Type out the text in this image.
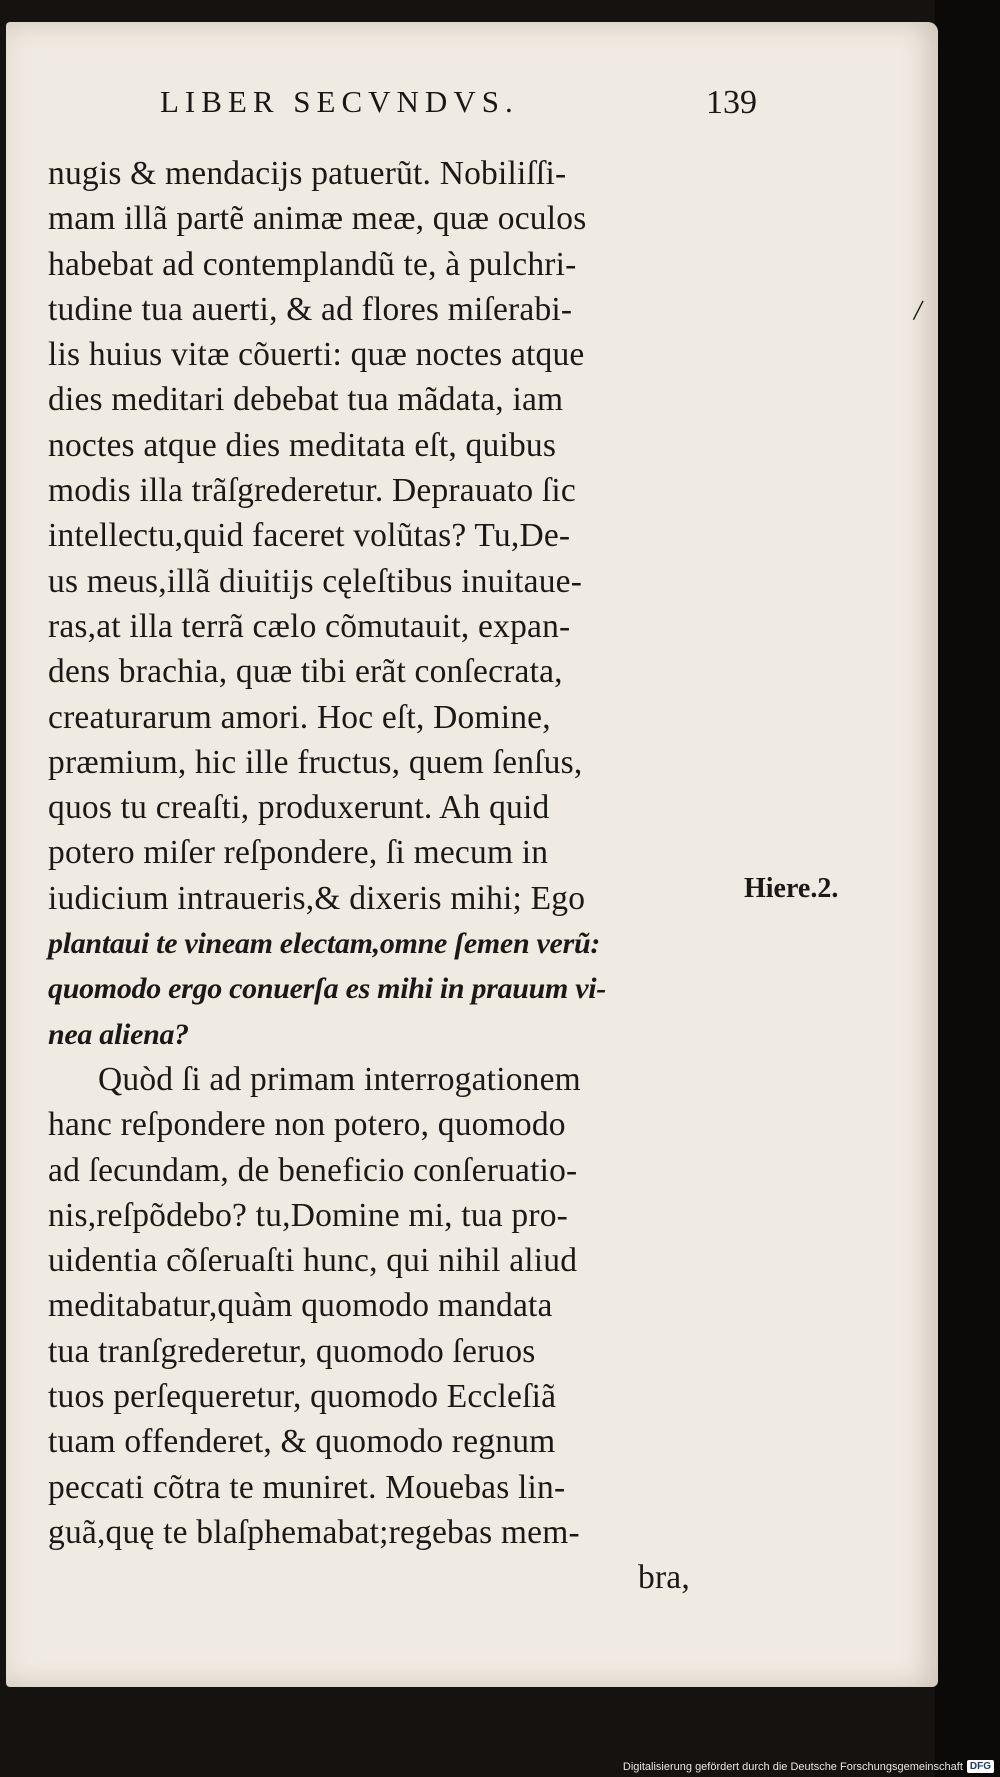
LIBER SECVNDVS.	139
nugis & mendacijs patuerũt. Nobiliſſi-
mam illã partẽ animæ meæ, quæ oculos
habebat ad contemplandũ te, à pulchri-
tudine tua auerti, & ad flores miſerabi-
lis huius vitæ cõuerti: quæ noctes atque
dies meditari debebat tua mãdata, iam
noctes atque dies meditata eſt, quibus
modis illa trãſgrederetur. Deprauato ſic
intellectu,quid faceret volũtas? Tu,De-
us meus,illã diuitijs cęleſtibus inuitaue-
ras,at illa terrã cælo cõmutauit, expan-
dens brachia, quæ tibi erãt conſecrata,
creaturarum amori. Hoc eſt, Domine,
præmium, hic ille fructus, quem ſenſus,
quos tu creaſti, produxerunt. Ah quid
potero miſer reſpondere, ſi mecum in
iudicium intraueris,& dixeris mihi; Ego
plantaui te vineam electam,omne ſemen verũ:
quomodo ergo conuerſa es mihi in prauum vi-
nea aliena?
Quòd ſi ad primam interrogationem
hanc reſpondere non potero, quomodo
ad ſecundam, de beneficio conſeruatio-
nis,reſpõdebo? tu,Domine mi, tua pro-
uidentia cõſeruaſti hunc, qui nihil aliud
meditabatur,quàm quomodo mandata
tua tranſgrederetur, quomodo ſeruos
tuos perſequeretur, quomodo Eccleſiã
tuam offenderet, & quomodo regnum
peccati cõtra te muniret. Mouebas lin-
guã,quę te blaſphemabat;regebas mem-
bra,
/
Hiere.2.
Digitalisierung gefördert durch die Deutsche Forschungsgemeinschaft DFG
